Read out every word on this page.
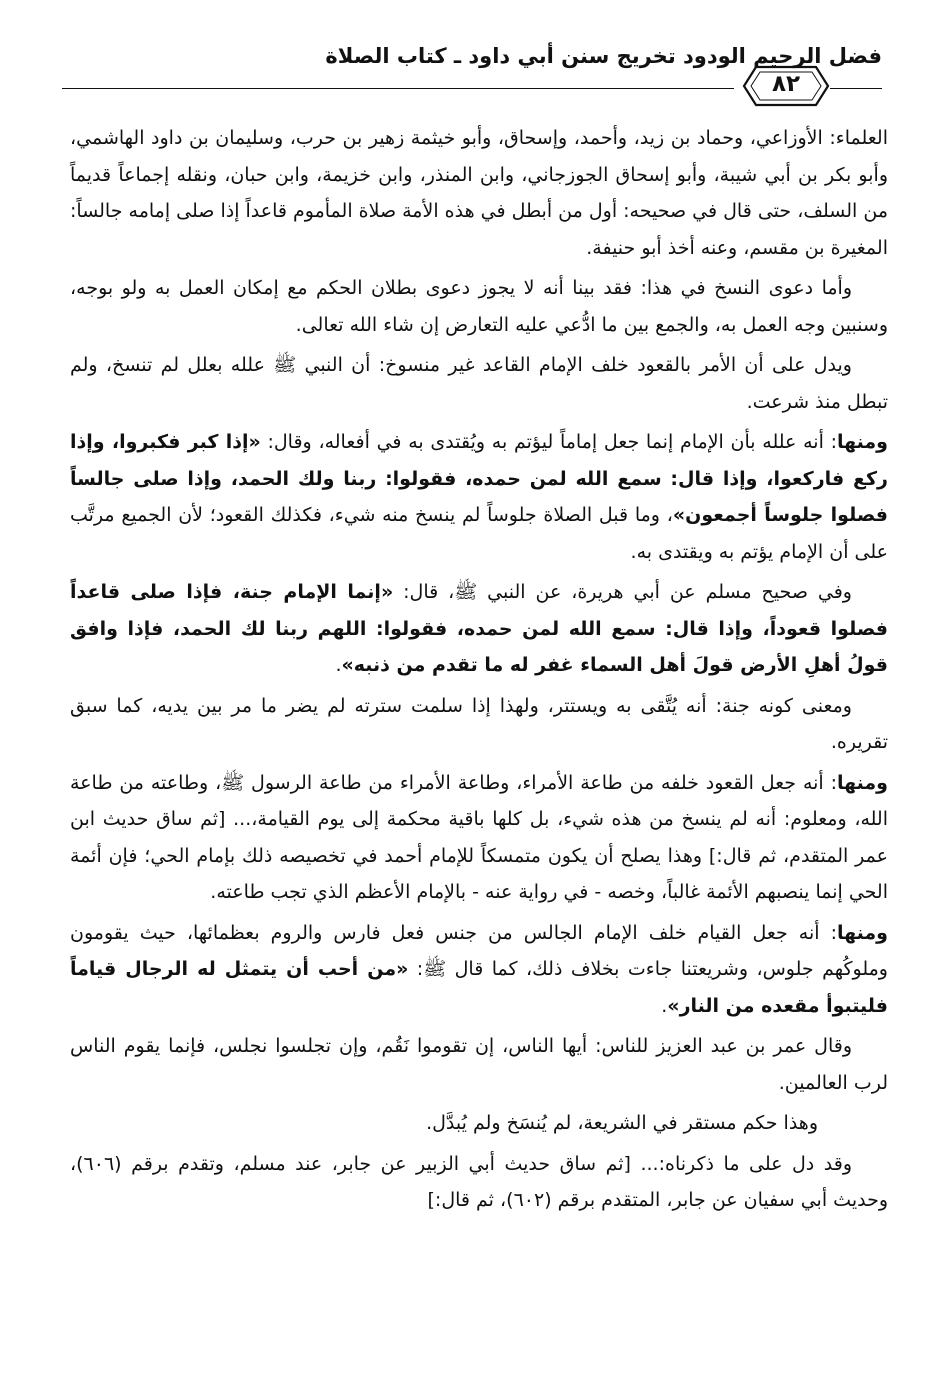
فضل الرحيم الودود تخريج سنن أبي داود ـ كتاب الصلاة
٨٢

العلماء: الأوزاعي، وحماد بن زيد، وأحمد، وإسحاق، وأبو خيثمة زهير بن حرب، وسليمان بن داود الهاشمي، وأبو بكر بن أبي شيبة، وأبو إسحاق الجوزجاني، وابن المنذر، وابن خزيمة، وابن حبان، ونقله إجماعاً قديماً من السلف، حتى قال في صحيحه: أول من أبطل في هذه الأمة صلاة المأموم قاعداً إذا صلى إمامه جالساً: المغيرة بن مقسم، وعنه أخذ أبو حنيفة.

وأما دعوى النسخ في هذا: فقد بينا أنه لا يجوز دعوى بطلان الحكم مع إمكان العمل به ولو بوجه، وسنبين وجه العمل به، والجمع بين ما ادُّعي عليه التعارض إن شاء الله تعالى.

ويدل على أن الأمر بالقعود خلف الإمام القاعد غير منسوخ: أن النبي ﷺ علله بعلل لم تنسخ، ولم تبطل منذ شرعت.

ومنها: أنه علله بأن الإمام إنما جعل إماماً ليؤتم به ويُقتدى به في أفعاله، وقال: «إذا كبر فكبروا، وإذا ركع فاركعوا، وإذا قال: سمع الله لمن حمده، فقولوا: ربنا ولك الحمد، وإذا صلى جالساً فصلوا جلوساً أجمعون»، وما قبل الصلاة جلوساً لم ينسخ منه شيء، فكذلك القعود؛ لأن الجميع مرتَّب على أن الإمام يؤتم به ويقتدى به.

وفي صحيح مسلم عن أبي هريرة، عن النبي ﷺ، قال: «إنما الإمام جنة، فإذا صلى قاعداً فصلوا قعوداً، وإذا قال: سمع الله لمن حمده، فقولوا: اللهم ربنا لك الحمد، فإذا وافق قولُ أهلِ الأرض قولَ أهل السماء غفر له ما تقدم من ذنبه».

ومعنى كونه جنة: أنه يُتَّقى به ويستتر، ولهذا إذا سلمت سترته لم يضر ما مر بين يديه، كما سبق تقريره.

ومنها: أنه جعل القعود خلفه من طاعة الأمراء، وطاعة الأمراء من طاعة الرسول ﷺ، وطاعته من طاعة الله، ومعلوم: أنه لم ينسخ من هذه شيء، بل كلها باقية محكمة إلى يوم القيامة،... [ثم ساق حديث ابن عمر المتقدم، ثم قال:] وهذا يصلح أن يكون متمسكاً للإمام أحمد في تخصيصه ذلك بإمام الحي؛ فإن أئمة الحي إنما ينصبهم الأئمة غالباً، وخصه - في رواية عنه - بالإمام الأعظم الذي تجب طاعته.

ومنها: أنه جعل القيام خلف الإمام الجالس من جنس فعل فارس والروم بعظمائها، حيث يقومون وملوكُهم جلوس، وشريعتنا جاءت بخلاف ذلك، كما قال ﷺ: «من أحب أن يتمثل له الرجال قياماً فليتبوأ مقعده من النار».

وقال عمر بن عبد العزيز للناس: أيها الناس، إن تقوموا نَقُم، وإن تجلسوا نجلس، فإنما يقوم الناس لرب العالمين.

وهذا حكم مستقر في الشريعة، لم يُنسَخ ولم يُبدَّل.

وقد دل على ما ذكرناه:... [ثم ساق حديث أبي الزبير عن جابر، عند مسلم، وتقدم برقم (٦٠٦)، وحديث أبي سفيان عن جابر، المتقدم برقم (٦٠٢)، ثم قال:]
